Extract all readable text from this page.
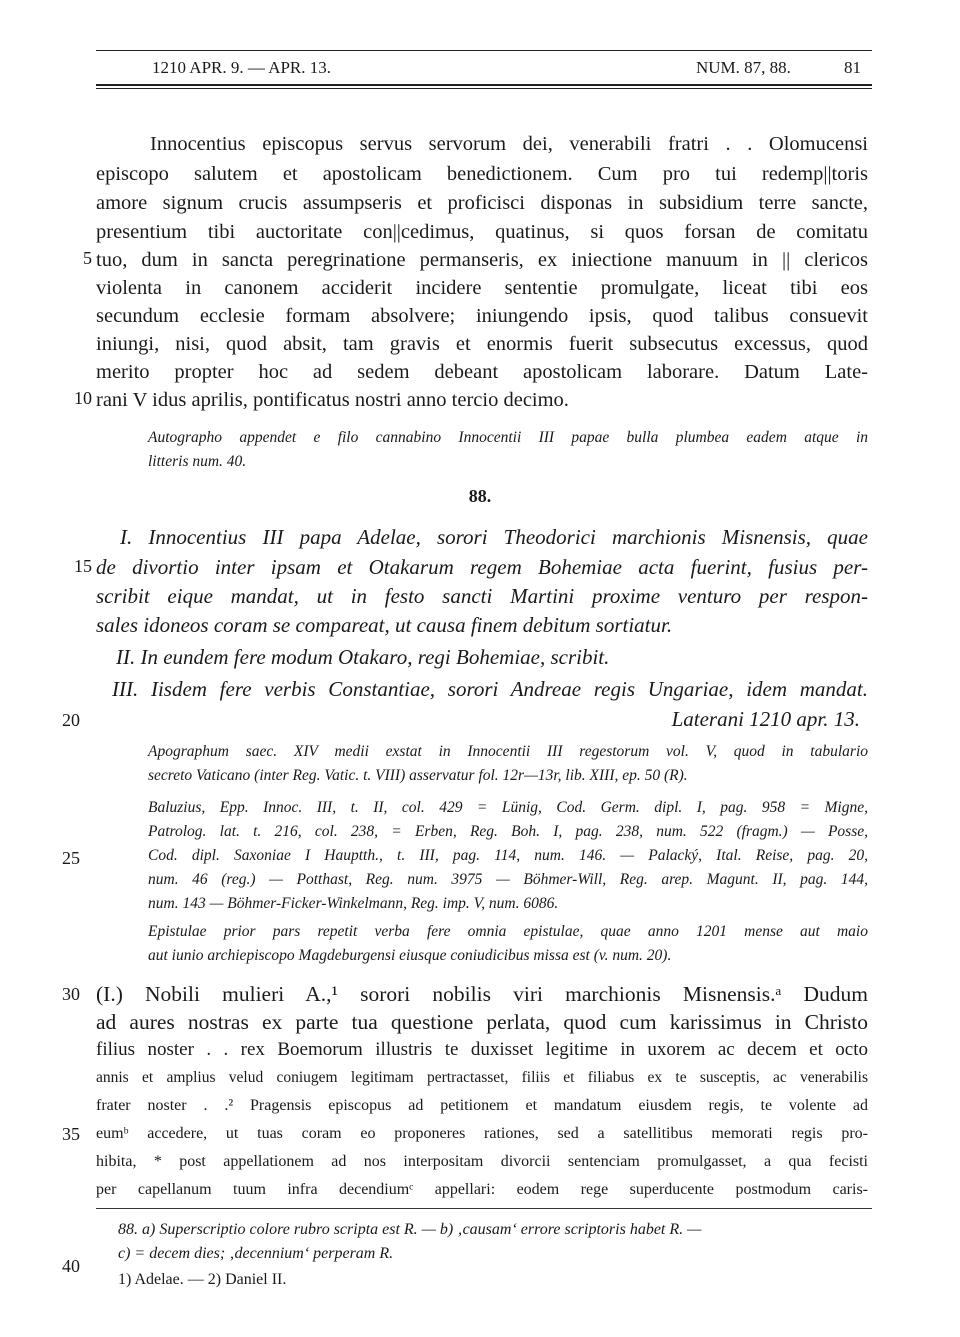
1210 APR. 9. — APR. 13.	NUM. 87, 88.	81
Innocentius episcopus servus servorum dei, venerabili fratri . . Olomucensi
episcopo salutem et apostolicam benedictionem. Cum pro tui redemp||toris
amore signum crucis assumpseris et proficisci disponas in subsidium terre sancte,
presentium tibi auctoritate con||cedimus, quatinus, si quos forsan de comitatu
tuo, dum in sancta peregrinatione permanseris, ex iniectione manuum in || clericos
violenta in canonem acciderit incidere sententie promulgate, liceat tibi eos
secundum ecclesie formam absolvere; iniungendo ipsis, quod talibus consuevit
iniungi, nisi, quod absit, tam gravis et enormis fuerit subsecutus excessus, quod
merito propter hoc ad sedem debeant apostolicam laborare. Datum Late-
rani V idus aprilis, pontificatus nostri anno tercio decimo.
Autographo appendet e filo cannabino Innocentii III papae bulla plumbea eadem atque in
litteris num. 40.
88.
I. Innocentius III papa Adelae, sorori Theodorici marchionis Misnensis, quae
de divortio inter ipsam et Otakarum regem Bohemiae acta fuerint, fusius per-
scribit eique mandat, ut in festo sancti Martini proxime venturo per respon-
sales idoneos coram se compareat, ut causa finem debitum sortiatur.
II. In eundem fere modum Otakaro, regi Bohemiae, scribit.
III. Iisdem fere verbis Constantiae, sorori Andreae regis Ungariae, idem mandat.
Laterani 1210 apr. 13.
Apographum saec. XIV medii exstat in Innocentii III regestorum vol. V, quod in tabulario
secreto Vaticano (inter Reg. Vatic. t. VIII) asservatur fol. 12r—13r, lib. XIII, ep. 50 (R).
Baluzius, Epp. Innoc. III, t. II, col. 429 = Lünig, Cod. Germ. dipl. I, pag. 958 = Migne,
Patrolog. lat. t. 216, col. 238, = Erben, Reg. Boh. I, pag. 238, num. 522 (fragm.) — Posse,
Cod. dipl. Saxoniae I Hauptth., t. III, pag. 114, num. 146. — Palacký, Ital. Reise, pag. 20,
num. 46 (reg.) — Potthast, Reg. num. 3975 — Böhmer-Will, Reg. arep. Magunt. II, pag. 144,
num. 143 — Böhmer-Ficker-Winkelmann, Reg. imp. V, num. 6086.
Epistulae prior pars repetit verba fere omnia epistulae, quae anno 1201 mense aut maio
aut iunio archiepiscopo Magdeburgensi eiusque coniudicibus missa est (v. num. 20).
(I.) Nobili mulieri A.,¹ sorori nobilis viri marchionis Misnensis.ᵃ Dudum
ad aures nostras ex parte tua questione perlata, quod cum karissimus in Christo
filius noster . . rex Boemorum illustris te duxisset legitime in uxorem ac decem et octo
annis et amplius velud coniugem legitimam pertractasset, filiis et filiabus ex te susceptis, ac venerabilis
frater noster . .² Pragensis episcopus ad petitionem et mandatum eiusdem regis, te volente ad
eumᵇ accedere, ut tuas coram eo proponeres rationes, sed a satellitibus memorati regis pro-
hibita, * post appellationem ad nos interpositam divorcii sentenciam promulgasset, a qua fecisti
per capellanum tuum infra decendiumᶜ appellari: eodem rege superducente postmodum caris-
88. a) Superscriptio colore rubro scripta est R. — b) ‚causam‘ errore scriptoris habet R. —
c) = decem dies; ‚decennium‘ perperam R.
1) Adelae. — 2) Daniel II.
5
10
15
20
25
30
35
40
